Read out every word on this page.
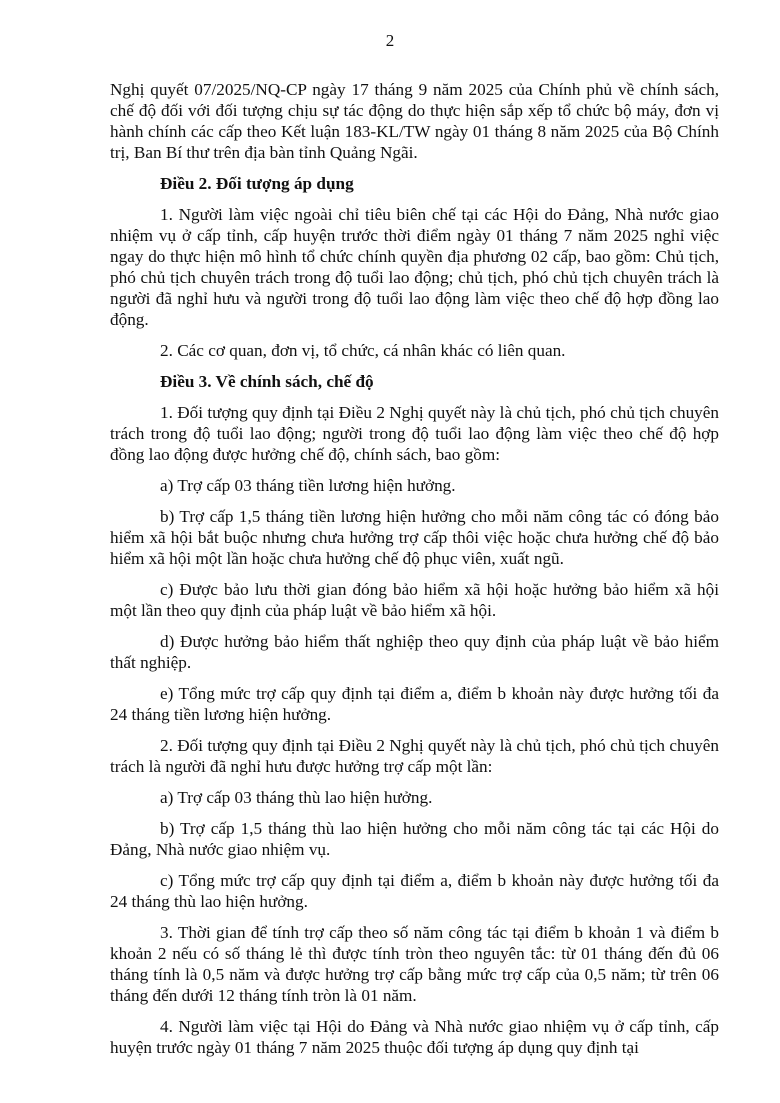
2

Nghị quyết 07/2025/NQ-CP ngày 17 tháng 9 năm 2025 của Chính phủ về chính sách, chế độ đối với đối tượng chịu sự tác động do thực hiện sắp xếp tổ chức bộ máy, đơn vị hành chính các cấp theo Kết luận 183-KL/TW ngày 01 tháng 8 năm 2025 của Bộ Chính trị, Ban Bí thư trên địa bàn tỉnh Quảng Ngãi.

Điều 2. Đối tượng áp dụng

1. Người làm việc ngoài chỉ tiêu biên chế tại các Hội do Đảng, Nhà nước giao nhiệm vụ ở cấp tỉnh, cấp huyện trước thời điểm ngày 01 tháng 7 năm 2025 nghỉ việc ngay do thực hiện mô hình tổ chức chính quyền địa phương 02 cấp, bao gồm: Chủ tịch, phó chủ tịch chuyên trách trong độ tuổi lao động; chủ tịch, phó chủ tịch chuyên trách là người đã nghỉ hưu và người trong độ tuổi lao động làm việc theo chế độ hợp đồng lao động.

2. Các cơ quan, đơn vị, tổ chức, cá nhân khác có liên quan.

Điều 3. Về chính sách, chế độ

1. Đối tượng quy định tại Điều 2 Nghị quyết này là chủ tịch, phó chủ tịch chuyên trách trong độ tuổi lao động; người trong độ tuổi lao động làm việc theo chế độ hợp đồng lao động được hưởng chế độ, chính sách, bao gồm:

a) Trợ cấp 03 tháng tiền lương hiện hưởng.

b) Trợ cấp 1,5 tháng tiền lương hiện hưởng cho mỗi năm công tác có đóng bảo hiểm xã hội bắt buộc nhưng chưa hưởng trợ cấp thôi việc hoặc chưa hưởng chế độ bảo hiểm xã hội một lần hoặc chưa hưởng chế độ phục viên, xuất ngũ.

c) Được bảo lưu thời gian đóng bảo hiểm xã hội hoặc hưởng bảo hiểm xã hội một lần theo quy định của pháp luật về bảo hiểm xã hội.

d) Được hưởng bảo hiểm thất nghiệp theo quy định của pháp luật về bảo hiểm thất nghiệp.

e) Tổng mức trợ cấp quy định tại điểm a, điểm b khoản này được hưởng tối đa 24 tháng tiền lương hiện hưởng.

2. Đối tượng quy định tại Điều 2 Nghị quyết này là chủ tịch, phó chủ tịch chuyên trách là người đã nghỉ hưu được hưởng trợ cấp một lần:

a) Trợ cấp 03 tháng thù lao hiện hưởng.

b) Trợ cấp 1,5 tháng thù lao hiện hưởng cho mỗi năm công tác tại các Hội do Đảng, Nhà nước giao nhiệm vụ.

c) Tổng mức trợ cấp quy định tại điểm a, điểm b khoản này được hưởng tối đa 24 tháng thù lao hiện hưởng.

3. Thời gian để tính trợ cấp theo số năm công tác tại điểm b khoản 1 và điểm b khoản 2 nếu có số tháng lẻ thì được tính tròn theo nguyên tắc: từ 01 tháng đến đủ 06 tháng tính là 0,5 năm và được hưởng trợ cấp bằng mức trợ cấp của 0,5 năm; từ trên 06 tháng đến dưới 12 tháng tính tròn là 01 năm.

4. Người làm việc tại Hội do Đảng và Nhà nước giao nhiệm vụ ở cấp tỉnh, cấp huyện trước ngày 01 tháng 7 năm 2025 thuộc đối tượng áp dụng quy định tại
